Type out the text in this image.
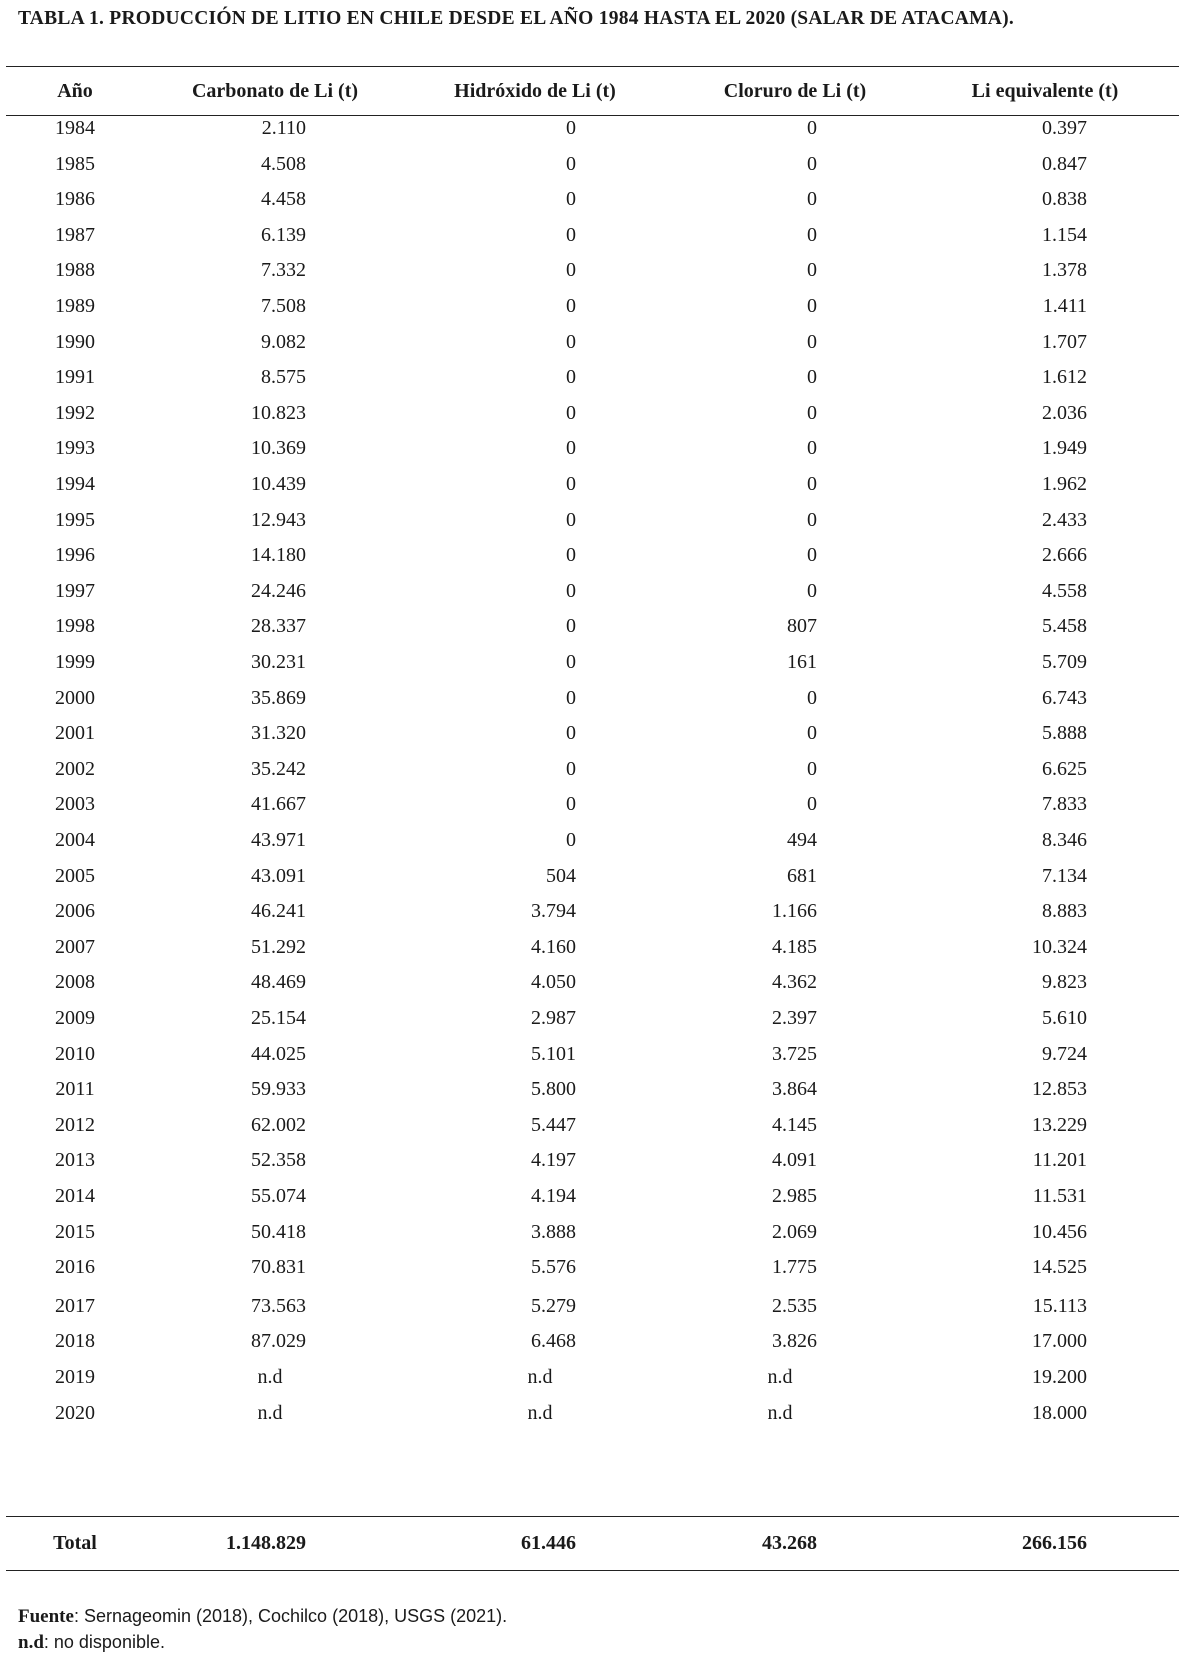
TABLA 1. PRODUCCIÓN DE LITIO EN CHILE DESDE EL AÑO 1984 HASTA EL 2020 (SALAR DE ATACAMA).
Año	Carbonato de Li (t)	Hidróxido de Li (t)	Cloruro de Li (t)	Li equivalente (t)
1984	2.110	0	0	0.397
1985	4.508	0	0	0.847
1986	4.458	0	0	0.838
1987	6.139	0	0	1.154
1988	7.332	0	0	1.378
1989	7.508	0	0	1.411
1990	9.082	0	0	1.707
1991	8.575	0	0	1.612
1992	10.823	0	0	2.036
1993	10.369	0	0	1.949
1994	10.439	0	0	1.962
1995	12.943	0	0	2.433
1996	14.180	0	0	2.666
1997	24.246	0	0	4.558
1998	28.337	0	807	5.458
1999	30.231	0	161	5.709
2000	35.869	0	0	6.743
2001	31.320	0	0	5.888
2002	35.242	0	0	6.625
2003	41.667	0	0	7.833
2004	43.971	0	494	8.346
2005	43.091	504	681	7.134
2006	46.241	3.794	1.166	8.883
2007	51.292	4.160	4.185	10.324
2008	48.469	4.050	4.362	9.823
2009	25.154	2.987	2.397	5.610
2010	44.025	5.101	3.725	9.724
2011	59.933	5.800	3.864	12.853
2012	62.002	5.447	4.145	13.229
2013	52.358	4.197	4.091	11.201
2014	55.074	4.194	2.985	11.531
2015	50.418	3.888	2.069	10.456
2016	70.831	5.576	1.775	14.525
2017	73.563	5.279	2.535	15.113
2018	87.029	6.468	3.826	17.000
2019	n.d	n.d	n.d	19.200
2020	n.d	n.d	n.d	18.000
Total	1.148.829	61.446	43.268	266.156
Fuente: Sernageomin (2018), Cochilco (2018), USGS (2021).
n.d: no disponible.
